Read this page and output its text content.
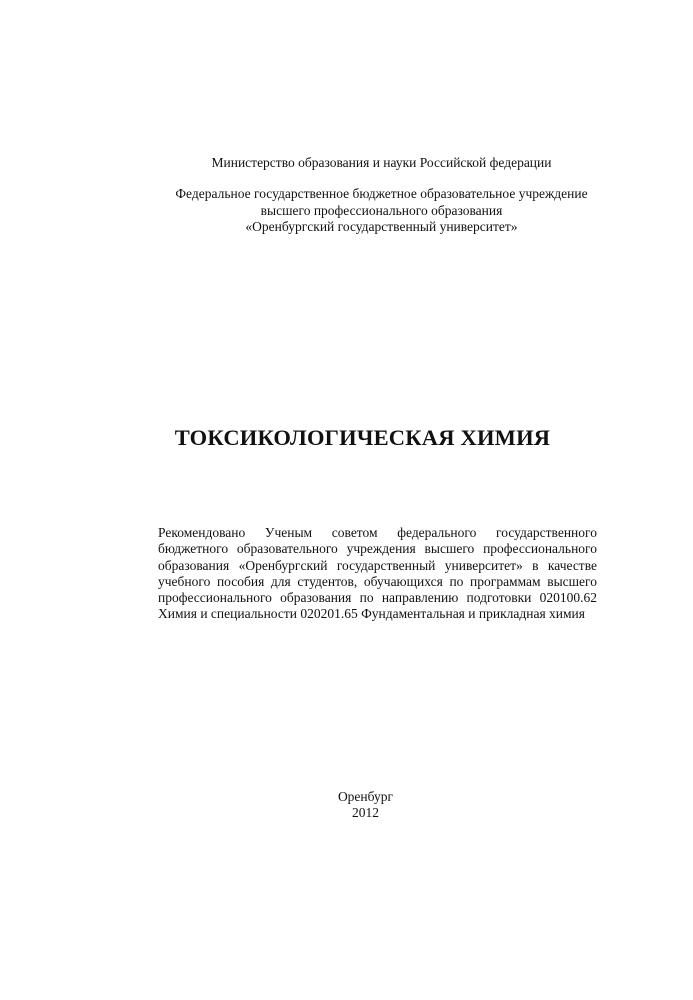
Министерство образования и науки Российской федерации
Федеральное государственное бюджетное образовательное учреждение
высшего профессионального образования
«Оренбургский государственный университет»
ТОКСИКОЛОГИЧЕСКАЯ ХИМИЯ
Рекомендовано Ученым советом федерального государственного
бюджетного образовательного учреждения высшего профессионального
образования «Оренбургский государственный университет» в качестве
учебного пособия для студентов, обучающихся по программам высшего
профессионального образования по направлению подготовки 020100.62
Химия и специальности 020201.65 Фундаментальная и прикладная химия
Оренбург
2012
